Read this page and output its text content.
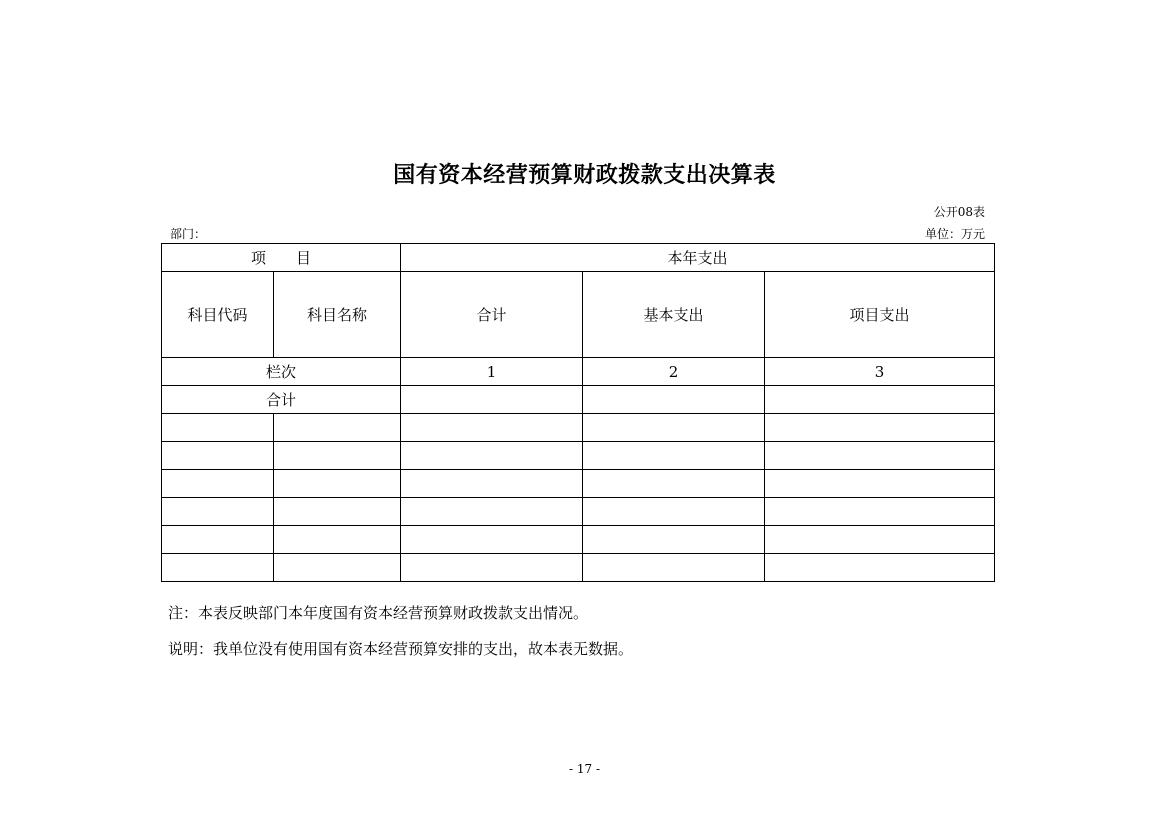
国有资本经营预算财政拨款支出决算表
公开08表
部门：	单位：万元
项　　目		本年支出		
科目代码	科目名称	合计	基本支出	项目支出
栏次		1	2	3
合计				

注：本表反映部门本年度国有资本经营预算财政拨款支出情况。
说明：我单位没有使用国有资本经营预算安排的支出，故本表无数据。
- 17 -
